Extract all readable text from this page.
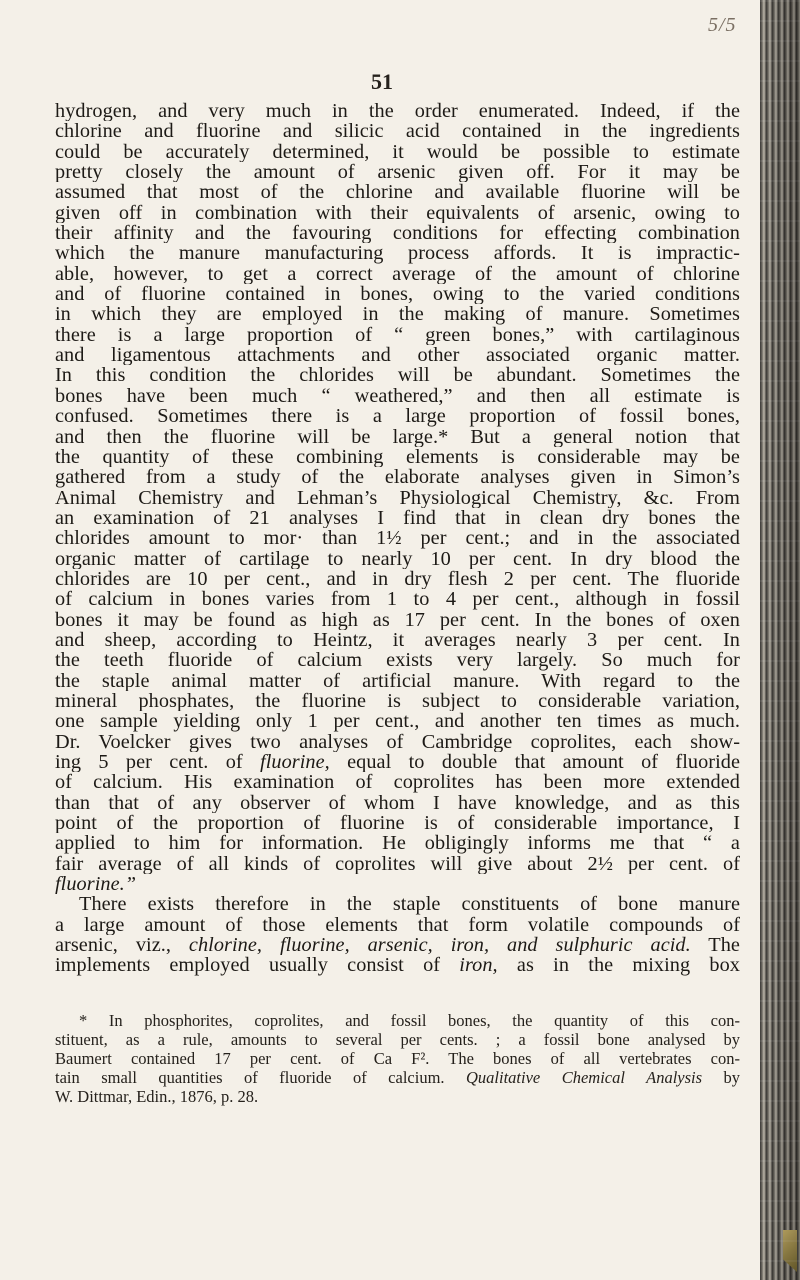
5/5
51
hydrogen, and very much in the order enumerated. Indeed, if the
chlorine and fluorine and silicic acid contained in the ingredients
could be accurately determined, it would be possible to estimate
pretty closely the amount of arsenic given off. For it may be
assumed that most of the chlorine and available fluorine will be
given off in combination with their equivalents of arsenic, owing to
their affinity and the favouring conditions for effecting combination
which the manure manufacturing process affords. It is impractic-
able, however, to get a correct average of the amount of chlorine
and of fluorine contained in bones, owing to the varied conditions
in which they are employed in the making of manure. Sometimes
there is a large proportion of “ green bones,” with cartilaginous
and ligamentous attachments and other associated organic matter.
In this condition the chlorides will be abundant. Sometimes the
bones have been much “ weathered,” and then all estimate is
confused. Sometimes there is a large proportion of fossil bones,
and then the fluorine will be large.* But a general notion that
the quantity of these combining elements is considerable may be
gathered from a study of the elaborate analyses given in Simon’s
Animal Chemistry and Lehman’s Physiological Chemistry, &c. From
an examination of 21 analyses I find that in clean dry bones the
chlorides amount to mor· than 1½ per cent.; and in the associated
organic matter of cartilage to nearly 10 per cent. In dry blood the
chlorides are 10 per cent., and in dry flesh 2 per cent. The fluoride
of calcium in bones varies from 1 to 4 per cent., although in fossil
bones it may be found as high as 17 per cent. In the bones of oxen
and sheep, according to Heintz, it averages nearly 3 per cent. In
the teeth fluoride of calcium exists very largely. So much for
the staple animal matter of artificial manure. With regard to the
mineral phosphates, the fluorine is subject to considerable variation,
one sample yielding only 1 per cent., and another ten times as much.
Dr. Voelcker gives two analyses of Cambridge coprolites, each show-
ing 5 per cent. of fluorine, equal to double that amount of fluoride
of calcium. His examination of coprolites has been more extended
than that of any observer of whom I have knowledge, and as this
point of the proportion of fluorine is of considerable importance, I
applied to him for information. He obligingly informs me that “ a
fair average of all kinds of coprolites will give about 2½ per cent. of
fluorine.”
There exists therefore in the staple constituents of bone manure
a large amount of those elements that form volatile compounds of
arsenic, viz., chlorine, fluorine, arsenic, iron, and sulphuric acid. The
implements employed usually consist of iron, as in the mixing box
* In phosphorites, coprolites, and fossil bones, the quantity of this con-
stituent, as a rule, amounts to several per cents. ; a fossil bone analysed by
Baumert contained 17 per cent. of Ca F². The bones of all vertebrates con-
tain small quantities of fluoride of calcium. Qualitative Chemical Analysis by
W. Dittmar, Edin., 1876, p. 28.
